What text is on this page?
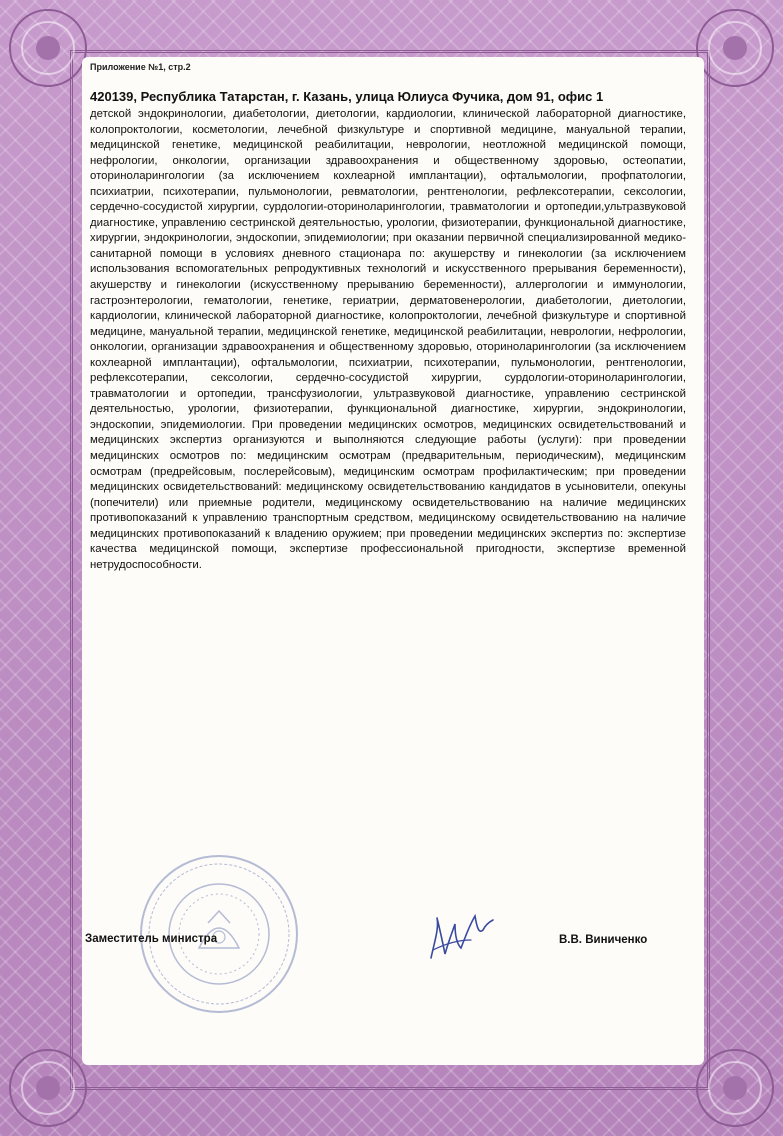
Приложение №1, стр.2
420139, Республика Татарстан, г. Казань, улица Юлиуса Фучика, дом 91, офис 1

детской эндокринологии, диабетологии, диетологии, кардиологии, клинической лабораторной диагностике, колопроктологии, косметологии, лечебной физкультуре и спортивной медицине, мануальной терапии, медицинской генетике, медицинской реабилитации, неврологии, неотложной медицинской помощи, нефрологии, онкологии, организации здравоохранения и общественному здоровью, остеопатии, оториноларингологии (за исключением кохлеарной имплантации), офтальмологии, профпатологии, психиатрии, психотерапии, пульмонологии, ревматологии, рентгенологии, рефлексотерапии, сексологии, сердечно-сосудистой хирургии, сурдологии-оториноларингологии, травматологии и ортопедии,ультразвуковой диагностике, управлению сестринской деятельностью, урологии, физиотерапии, функциональной диагностике, хирургии, эндокринологии, эндоскопии, эпидемиологии; при оказании первичной специализированной медико-санитарной помощи в условиях дневного стационара по: акушерству и гинекологии (за исключением использования вспомогательных репродуктивных технологий и искусственного прерывания беременности), акушерству и гинекологии (искусственному прерыванию беременности), аллергологии и иммунологии, гастроэнтерологии, гематологии, генетике, гериатрии, дерматовенерологии, диабетологии, диетологии, кардиологии, клинической лабораторной диагностике, колопроктологии, лечебной физкультуре и спортивной медицине, мануальной терапии, медицинской генетике, медицинской реабилитации, неврологии, нефрологии, онкологии, организации здравоохранения и общественному здоровью, оториноларингологии (за исключением кохлеарной имплантации), офтальмологии, психиатрии, психотерапии, пульмонологии, рентгенологии, рефлексотерапии, сексологии, сердечно-сосудистой хирургии, сурдологии-оториноларингологии, травматологии и ортопедии, трансфузиологии, ультразвуковой диагностике, управлению сестринской деятельностью, урологии, физиотерапии, функциональной диагностике, хирургии, эндокринологии, эндоскопии, эпидемиологии. При проведении медицинских осмотров, медицинских освидетельствований и медицинских экспертиз организуются и выполняются следующие работы (услуги): при проведении медицинских осмотров по: медицинским осмотрам (предварительным, периодическим), медицинским осмотрам (предрейсовым, послерейсовым), медицинским осмотрам профилактическим; при проведении медицинских освидетельствований: медицинскому освидетельствованию кандидатов в усыновители, опекуны (попечители) или приемные родители, медицинскому освидетельствованию на наличие медицинских противопоказаний к управлению транспортным средством, медицинскому освидетельствованию на наличие медицинских противопоказаний к владению оружием; при проведении медицинских экспертиз по: экспертизе качества медицинской помощи, экспертизе профессиональной пригодности, экспертизе временной нетрудоспособности.

Заместитель министра	В.В. Виниченко
